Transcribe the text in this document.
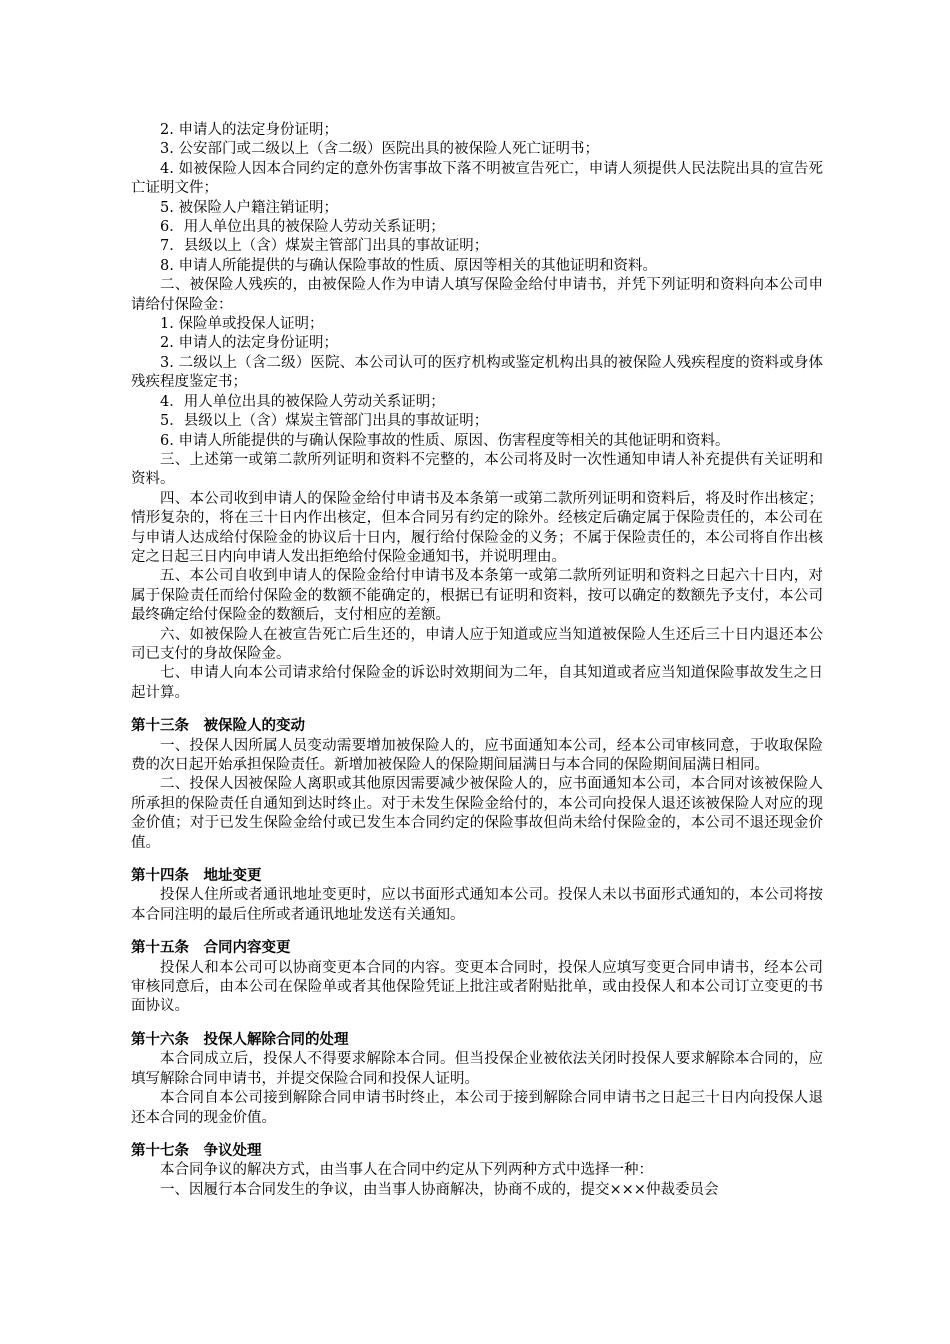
2. 申请人的法定身份证明；

3. 公安部门或二级以上（含二级）医院出具的被保险人死亡证明书；

4. 如被保险人因本合同约定的意外伤害事故下落不明被宣告死亡，申请人须提供人民法院出具的宣告死亡证明文件；

5. 被保险人户籍注销证明；

6．用人单位出具的被保险人劳动关系证明；

7．县级以上（含）煤炭主管部门出具的事故证明；

8. 申请人所能提供的与确认保险事故的性质、原因等相关的其他证明和资料。

二、被保险人残疾的，由被保险人作为申请人填写保险金给付申请书，并凭下列证明和资料向本公司申请给付保险金：

1. 保险单或投保人证明；

2. 申请人的法定身份证明；

3. 二级以上（含二级）医院、本公司认可的医疗机构或鉴定机构出具的被保险人残疾程度的资料或身体残疾程度鉴定书；

4．用人单位出具的被保险人劳动关系证明；

5．县级以上（含）煤炭主管部门出具的事故证明；

6. 申请人所能提供的与确认保险事故的性质、原因、伤害程度等相关的其他证明和资料。

三、上述第一或第二款所列证明和资料不完整的，本公司将及时一次性通知申请人补充提供有关证明和资料。

四、本公司收到申请人的保险金给付申请书及本条第一或第二款所列证明和资料后，将及时作出核定；情形复杂的，将在三十日内作出核定，但本合同另有约定的除外。经核定后确定属于保险责任的，本公司在与申请人达成给付保险金的协议后十日内，履行给付保险金的义务；不属于保险责任的，本公司将自作出核定之日起三日内向申请人发出拒绝给付保险金通知书，并说明理由。

五、本公司自收到申请人的保险金给付申请书及本条第一或第二款所列证明和资料之日起六十日内，对属于保险责任而给付保险金的数额不能确定的，根据已有证明和资料，按可以确定的数额先予支付，本公司最终确定给付保险金的数额后，支付相应的差额。

六、如被保险人在被宣告死亡后生还的，申请人应于知道或应当知道被保险人生还后三十日内退还本公司已支付的身故保险金。

七、申请人向本公司请求给付保险金的诉讼时效期间为二年，自其知道或者应当知道保险事故发生之日起计算。

第十三条 被保险人的变动

一、投保人因所属人员变动需要增加被保险人的，应书面通知本公司，经本公司审核同意，于收取保险费的次日起开始承担保险责任。新增加被保险人的保险期间届满日与本合同的保险期间届满日相同。

二、投保人因被保险人离职或其他原因需要减少被保险人的，应书面通知本公司，本合同对该被保险人所承担的保险责任自通知到达时终止。对于未发生保险金给付的，本公司向投保人退还该被保险人对应的现金价值；对于已发生保险金给付或已发生本合同约定的保险事故但尚未给付保险金的，本公司不退还现金价值。

第十四条 地址变更

投保人住所或者通讯地址变更时，应以书面形式通知本公司。投保人未以书面形式通知的，本公司将按本合同注明的最后住所或者通讯地址发送有关通知。

第十五条 合同内容变更

投保人和本公司可以协商变更本合同的内容。变更本合同时，投保人应填写变更合同申请书，经本公司审核同意后，由本公司在保险单或者其他保险凭证上批注或者附贴批单，或由投保人和本公司订立变更的书面协议。

第十六条 投保人解除合同的处理

本合同成立后，投保人不得要求解除本合同。但当投保企业被依法关闭时投保人要求解除本合同的，应填写解除合同申请书，并提交保险合同和投保人证明。

本合同自本公司接到解除合同申请书时终止，本公司于接到解除合同申请书之日起三十日内向投保人退还本合同的现金价值。

第十七条 争议处理

本合同争议的解决方式，由当事人在合同中约定从下列两种方式中选择一种：

一、因履行本合同发生的争议，由当事人协商解决，协商不成的，提交×××仲裁委员会
